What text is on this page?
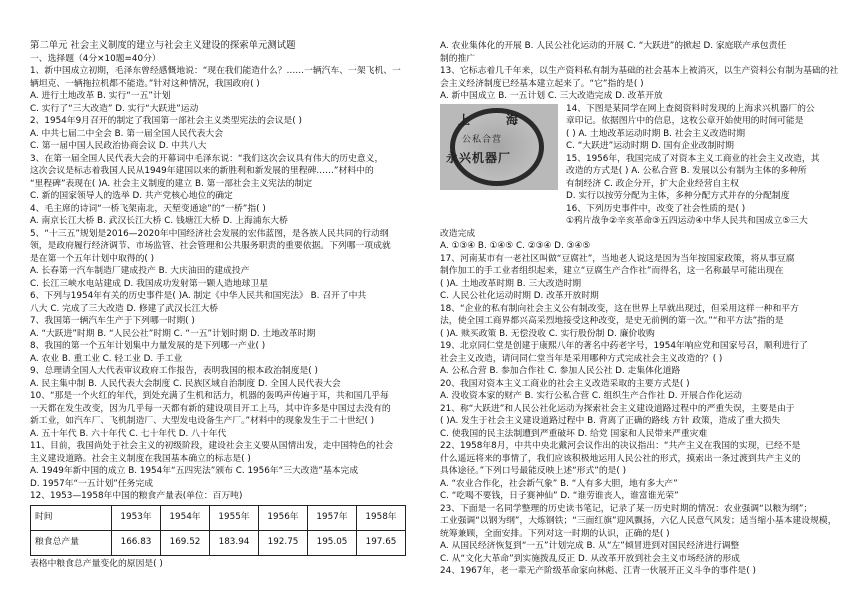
第二单元 社会主义制度的建立与社会主义建设的探索单元测试题
一、选择题（4分×10题=40分）
1、新中国成立初期，毛泽东曾经感慨地说：“现在我们能造什么？……一辆汽车、一架飞机、一
辆坦克、一辆拖拉机都不能造。”针对这种情况，我国政府( )
A. 进行土地改革 B. 实行“一五”计划
C. 实行了“三大改造” D. 实行“大跃进”运动
2、1954年9月召开的制定了我国第一部社会主义类型宪法的会议是( )
A. 中共七届二中全会 B. 第一届全国人民代表大会
C. 第一届中国人民政治协商会议 D. 中共八大
3、在第一届全国人民代表大会的开幕词中毛泽东说：“我们这次会议具有伟大的历史意义，
这次会议是标志着我国人民从1949年建国以来的新胜利和新发展的里程碑……”材料中的
“里程碑”表现在( )A. 社会主义制度的建立 B. 第一部社会主义宪法的制定
C. 新的国家领导人的选举 D. 共产党核心地位的确定
4、毛主席的诗词“一桥飞架南北，天堑变通途”的“一桥”指( )
A. 南京长江大桥 B. 武汉长江大桥 C. 钱塘江大桥 D. 上海浦东大桥
5、“十三五”规划是2016—2020年中国经济社会发展的宏伟蓝图，是各族人民共同的行动纲
领，是政府履行经济调节、市场监管、社会管理和公共服务职责的重要依据。下列哪一项成就
是在第一个五年计划中取得的( )
A. 长春第一汽车制造厂建成投产 B. 大庆油田的建成投产
C. 长江三峡水电站建成 D. 我国成功发射第一颗人造地球卫星
6、下列与1954年有关的历史事件是( )A. 制定《中华人民共和国宪法》 B. 召开了中共
八大 C. 完成了三大改造 D. 修建了武汉长江大桥
7、我国第一辆汽车生产于下列哪一时期( )
A. “大跃进”时期 B. “人民公社”时期 C. “一五”计划时期 D. 土地改革时期
8、我国的第一个五年计划集中力量发展的是下列哪一产业( )
A. 农业 B. 重工业 C. 轻工业 D. 手工业
9、总理请全国人大代表审议政府工作报告，表明我国的根本政治制度是( )
A. 民主集中制 B. 人民代表大会制度 C. 民族区域自治制度 D. 全国人民代表大会
10、“那是一个火红的年代，到处充满了生机和活力，机器的轰鸣声传遍于耳，共和国几乎每
一天都在发生改变，因为几乎每一天都有新的建设项目开工上马，其中许多是中国过去没有的
新工业，如汽车厂、飞机制造厂、大型发电设备生产厂。”材料中的现象发生于二十世纪( )
A. 五十年代 B. 六十年代 C. 七十年代 D. 八十年代
11、目前，我国尚处于社会主义的初级阶段，建设社会主义要从国情出发，走中国特色的社会
主义建设道路。社会主义制度在我国基本确立的标志是( )
A. 1949年新中国的成立 B. 1954年“五四宪法”颁布 C. 1956年“三大改造”基本完成
D. 1957年“一五计划”任务完成
12、1953—1958年中国的粮食产量表(单位：百万吨)
时间	1953年	1954年	1955年	1956年	1957年	1958年
粮食总产量	166.83	169.52	183.94	192.75	195.05	197.65
表格中粮食总产量变化的原因是( )
A. 农业集体化的开展 B. 人民公社化运动的开展 C. “大跃进”的掀起 D. 家庭联产承包责任
制的推广
13、它标志着几千年来，以生产资料私有制为基础的社会基本上被消灭，以生产资料公有制为基础的社
会主义经济制度已经基本建立起来了。“它”指的是( )
A. 新中国成立 B. 一五计划 C. 三大改造完成 D. 改革开放
上	海
公私合营
永兴机器厂
14、下图是某同学在网上查阅资料时发现的上海求兴机器厂的公
章印记。依据图片中的信息，这枚公章开始使用的时间可能是
( ) A. 土地改革运动时期 B. 社会主义改造时期
C. “大跃进”运动时期 D. 国有企业改制时期
15、1956年，我国完成了对资本主义工商业的社会主义改造，其
改造的方式是( ) A. 公私合营 B. 发展以公有制为主体的多种所
有制经济 C. 政企分开，扩大企业经营自主权
D. 实行以按劳分配为主体，多种分配方式并存的分配制度
16、下列历史事件中，改变了社会性质的是( )
①鸦片战争②辛亥革命③五四运动④中华人民共和国成立⑤三大
改造完成
A. ①③④ B. ①④⑤ C. ②③④ D. ③④⑤
17、河南某市有一老社区叫做“豆腐社”，当地老人说这是因为当年按国家政策，将从事豆腐
制作加工的手工业者组织起来，建立“豆腐生产合作社”而得名，这一名称最早可能出现在
( )A. 土地改革时期 B. 三大改造时期
C. 人民公社化运动时期 D. 改革开放时期
18、“企业的私有制向社会主义公有制改变，这在世界上早就出现过，但采用这样一种和平方
法，使全国工商界都兴高采烈地接受这种改变，是史无前例的第一次。”“和平方法”指的是
( )A. 赎买政策 B. 无偿没收 C. 实行股份制 D. 廉价收购
19、北京同仁堂是创建于康熙八年的著名中药老字号，1954年响应党和国家号召，顺利进行了
社会主义改造，请问同仁堂当年是采用哪种方式完成社会主义改造的？( )
A. 公私合营 B. 参加合作社 C. 参加人民公社 D. 走集体化道路
20、我国对资本主义工商业的社会主义改造采取的主要方式是( )
A. 没收资本家的财产 B. 实行公私合营 C. 组织生产合作社 D. 开展合作化运动
21、称“大跃进”和人民公社化运动为探索社会主义建设道路过程中的严重失误，主要是由于
( )A. 发生于社会主义建设道路过程中 B. 背离了正确的路线 方针 政策，造成了重大损失
C. 使我国的民主法制遭到严重破坏 D. 给党 国家和人民带来严重灾难
22、1958年8月，中共中央北戴河会议作出的决议指出：“共产主义在我国的实现，已经不是
什么遥远将来的事情了，我们应该积极地运用人民公社的形式，摸索出一条过渡到共产主义的
具体途径。”下列口号最能反映上述“形式”的是( )
A. “农业合作化，社会新气象” B. “人有多大胆，地有多大产”
C. “吃喝不要钱，日子赛神仙” D. “谁劳谁丧人，谁富谁光荣”
23、下面是一名同学整理的历史读书笔记，记录了某一历史时期的情况：农业强调“以粮为纲”；
工业强调“以钢为纲”，大炼钢铁；“三面红旗”迎风飘扬，六亿人民意气风发；适当缩小基本建设规模，
统筹兼顾，全面安排。下列对这一时期的认识，正确的是( )
A. 从国民经济恢复到“一五”计划完成 B. 从“左”倾冒进到对国民经济进行调整
C. 从“文化大革命”到实施拨乱反正 D. 从改革开放到社会主义市场经济的形成
24、1967年，老一辈无产阶级革命家向林彪、江青一伙展开正义斗争的事件是( )
